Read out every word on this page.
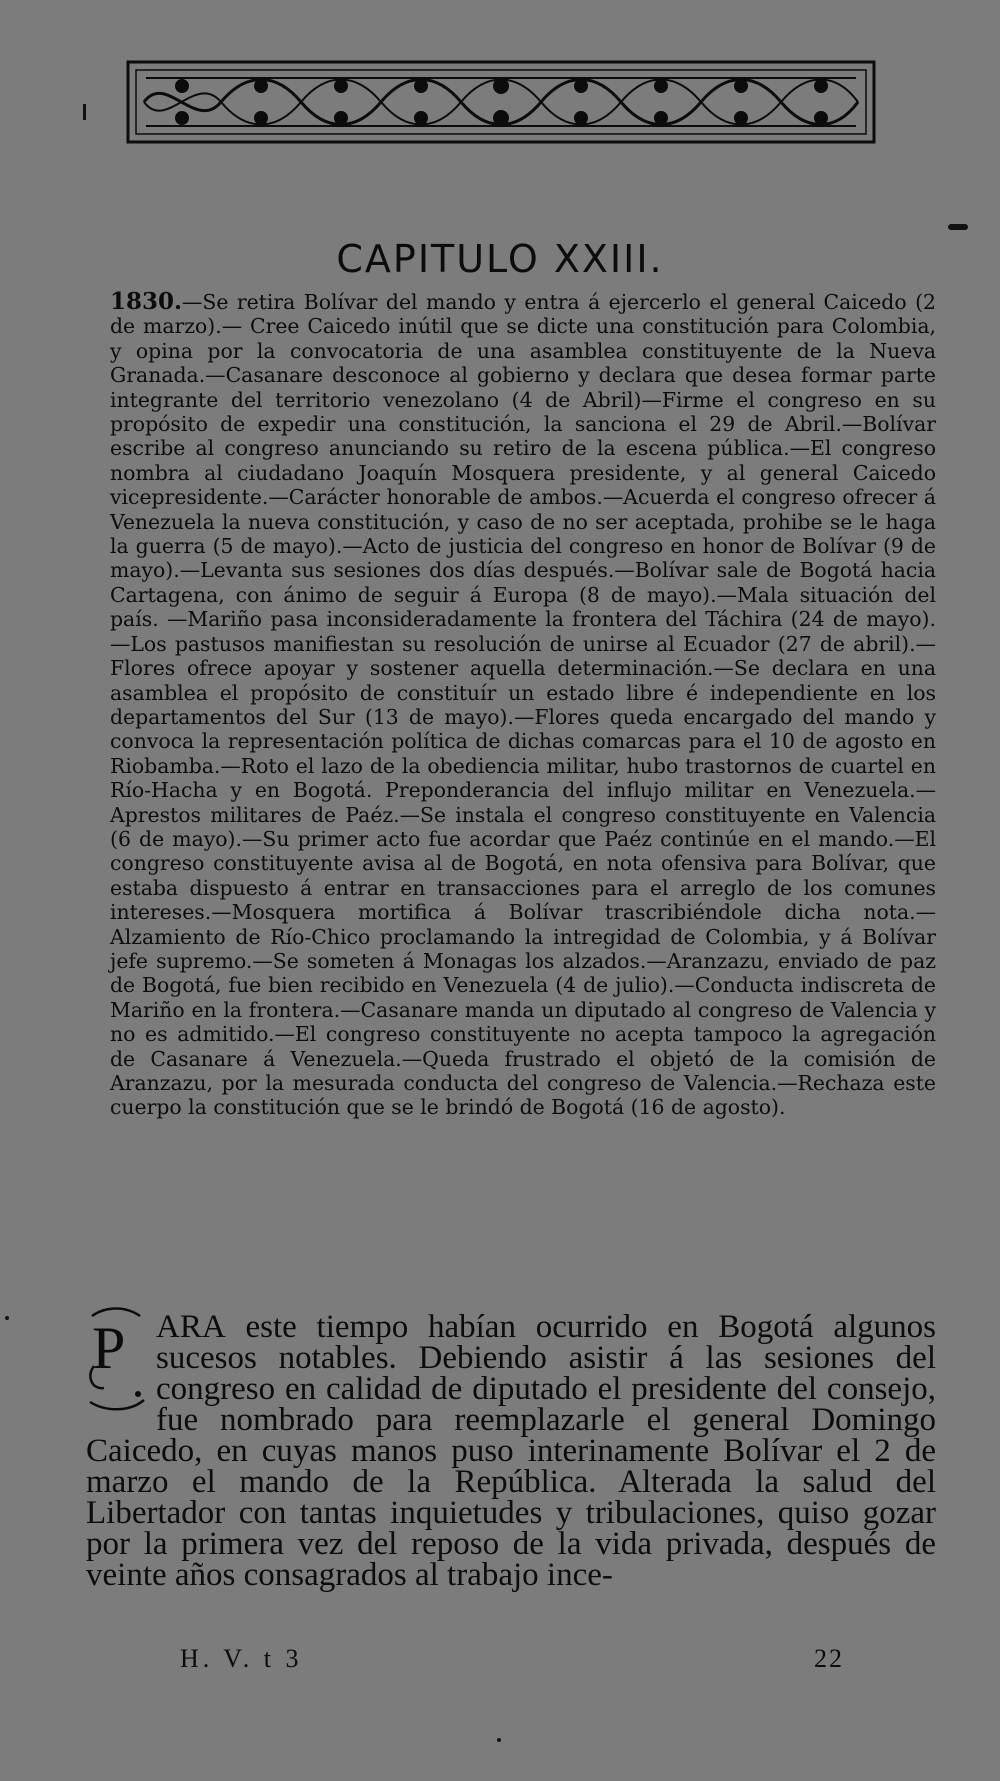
CAPITULO XXIII.

1830.—Se retira Bolívar del mando y entra á ejercerlo el general Caicedo (2 de marzo).— Cree Caicedo inútil que se dicte una constitución para Colombia, y opina por la convocatoria de una asamblea constituyente de la Nueva Granada.—Casanare desconoce al gobierno y declara que desea formar parte integrante del territorio venezolano (4 de Abril)—Firme el congreso en su propósito de expedir una constitución, la sanciona el 29 de Abril.—Bolívar escribe al congreso anunciando su retiro de la escena pública.—El congreso nombra al ciudadano Joaquín Mosquera presidente, y al general Caicedo vicepresidente.—Carácter honorable de ambos.—Acuerda el congreso ofrecer á Venezuela la nueva constitución, y caso de no ser aceptada, prohibe se le haga la guerra (5 de mayo).—Acto de justicia del congreso en honor de Bolívar (9 de mayo).—Levanta sus sesiones dos días después.—Bolívar sale de Bogotá hacia Cartagena, con ánimo de seguir á Europa (8 de mayo).—Mala situación del país. —Mariño pasa inconsideradamente la frontera del Táchira (24 de mayo). —Los pastusos manifiestan su resolución de unirse al Ecuador (27 de abril).—Flores ofrece apoyar y sostener aquella determinación.—Se declara en una asamblea el propósito de constituír un estado libre é independiente en los departamentos del Sur (13 de mayo).—Flores queda encargado del mando y convoca la representación política de dichas comarcas para el 10 de agosto en Riobamba.—Roto el lazo de la obediencia militar, hubo trastornos de cuartel en Río-Hacha y en Bogotá. Preponderancia del influjo militar en Venezuela.—Aprestos militares de Paéz.—Se instala el congreso constituyente en Valencia (6 de mayo).—Su primer acto fue acordar que Paéz continúe en el mando.—El congreso constituyente avisa al de Bogotá, en nota ofensiva para Bolívar, que estaba dispuesto á entrar en transacciones para el arreglo de los comunes intereses.—Mosquera mortifica á Bolívar trascribiéndole dicha nota.—Alzamiento de Río-Chico proclamando la intregidad de Colombia, y á Bolívar jefe supremo.—Se someten á Monagas los alzados.—Aranzazu, enviado de paz de Bogotá, fue bien recibido en Venezuela (4 de julio).—Conducta indiscreta de Mariño en la frontera.—Casanare manda un diputado al congreso de Valencia y no es admitido.—El congreso constituyente no acepta tampoco la agregación de Casanare á Venezuela.—Queda frustrado el objetó de la comisión de Aranzazu, por la mesurada conducta del congreso de Valencia.—Rechaza este cuerpo la constitución que se le brindó de Bogotá (16 de agosto).

P ARA este tiempo habían ocurrido en Bogotá algunos sucesos notables. Debiendo asistir á las sesiones del congreso en calidad de diputado el presidente del consejo, fue nombrado para reemplazarle el general Domingo Caicedo, en cuyas manos puso interinamente Bolívar el 2 de marzo el mando de la República. Alterada la salud del Libertador con tantas inquietudes y tribulaciones, quiso gozar por la primera vez del reposo de la vida privada, después de veinte años consagrados al trabajo ince-

H. V. t 3	22
